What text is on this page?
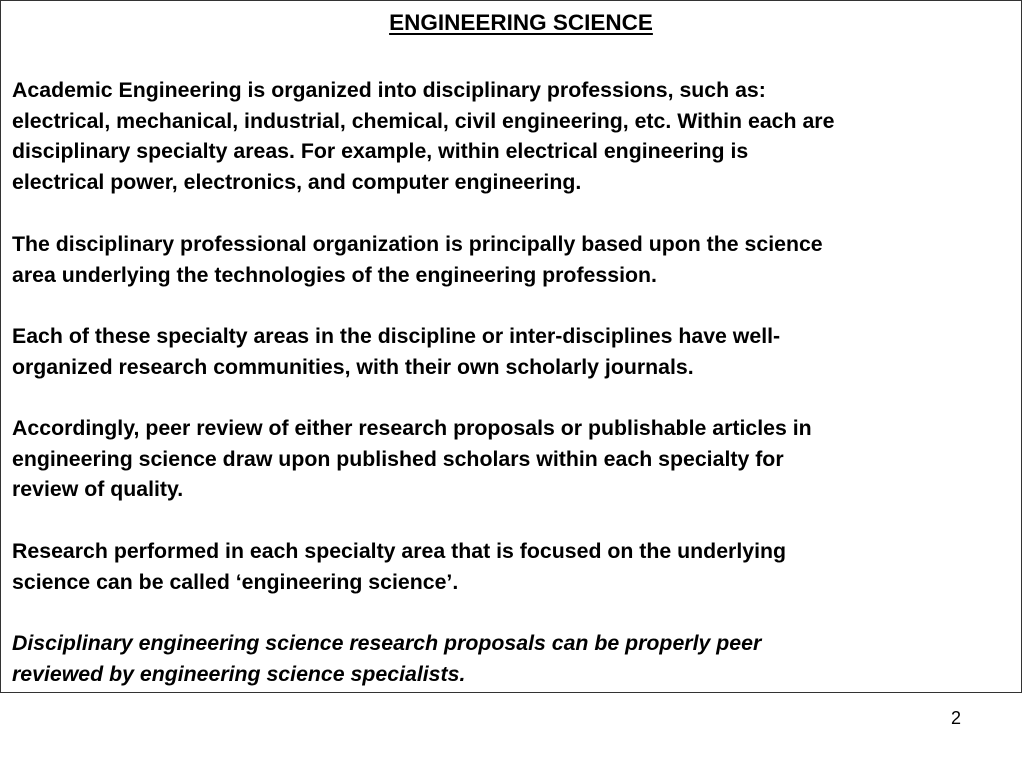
ENGINEERING SCIENCE

Academic Engineering is organized into disciplinary professions, such as:
electrical, mechanical, industrial, chemical, civil engineering, etc. Within each are
disciplinary specialty areas. For example, within electrical engineering is
electrical power, electronics, and computer engineering.

The disciplinary professional organization is principally based upon the science
area underlying the technologies of the engineering profession.

Each of these specialty areas in the discipline or inter-disciplines have well-
organized research communities, with their own scholarly journals.

Accordingly, peer review of either research proposals or publishable articles in
engineering science draw upon published scholars within each specialty for
review of quality.

Research performed in each specialty area that is focused on the underlying
science can be called ‘engineering science’.

Disciplinary engineering science research proposals can be properly peer
reviewed by engineering science specialists.

2
